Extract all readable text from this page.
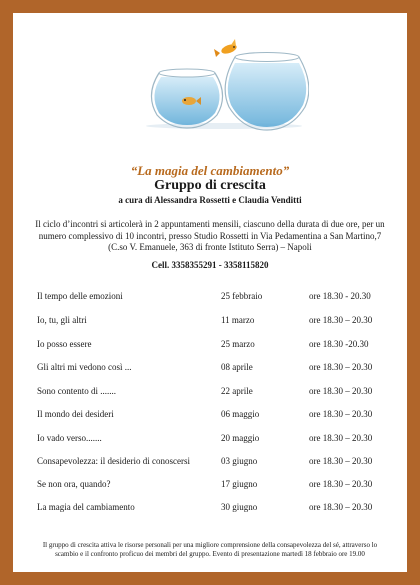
“La magia del cambiamento”
Gruppo di crescita
a cura di Alessandra Rossetti e Claudia Venditti
Il ciclo d’incontri si articolerà in 2 appuntamenti mensili, ciascuno della durata di due ore, per un numero complessivo di 10 incontri, presso Studio Rossetti in Via Pedamentina a San Martino,7 (C.so V. Emanuele, 363 di fronte Istituto Serra) – Napoli
Cell. 3358355291 - 3358115820
Il tempo delle emozioni	25 febbraio	ore 18.30 - 20.30
Io, tu, gli altri	11 marzo	ore 18.30 – 20.30
Io posso essere	25 marzo	ore 18.30 -20.30
Gli altri mi vedono così ...	08 aprile	ore 18.30 – 20.30
Sono contento di .......	22 aprile	ore 18.30 – 20.30
Il mondo dei desideri	06 maggio	ore 18.30 – 20.30
Io vado verso.......	20 maggio	ore 18.30 – 20.30
Consapevolezza: il desiderio di conoscersi	03 giugno	ore 18.30 – 20.30
Se non ora, quando?	17 giugno	ore 18.30 – 20.30
La magia del cambiamento	30 giugno	ore 18.30 – 20.30
Il gruppo di crescita attiva le risorse personali per una migliore comprensione della consapevolezza del sé, attraverso lo scambio e il confronto proficuo dei membri del gruppo. Evento di presentazione martedì 18 febbraio ore 19.00
